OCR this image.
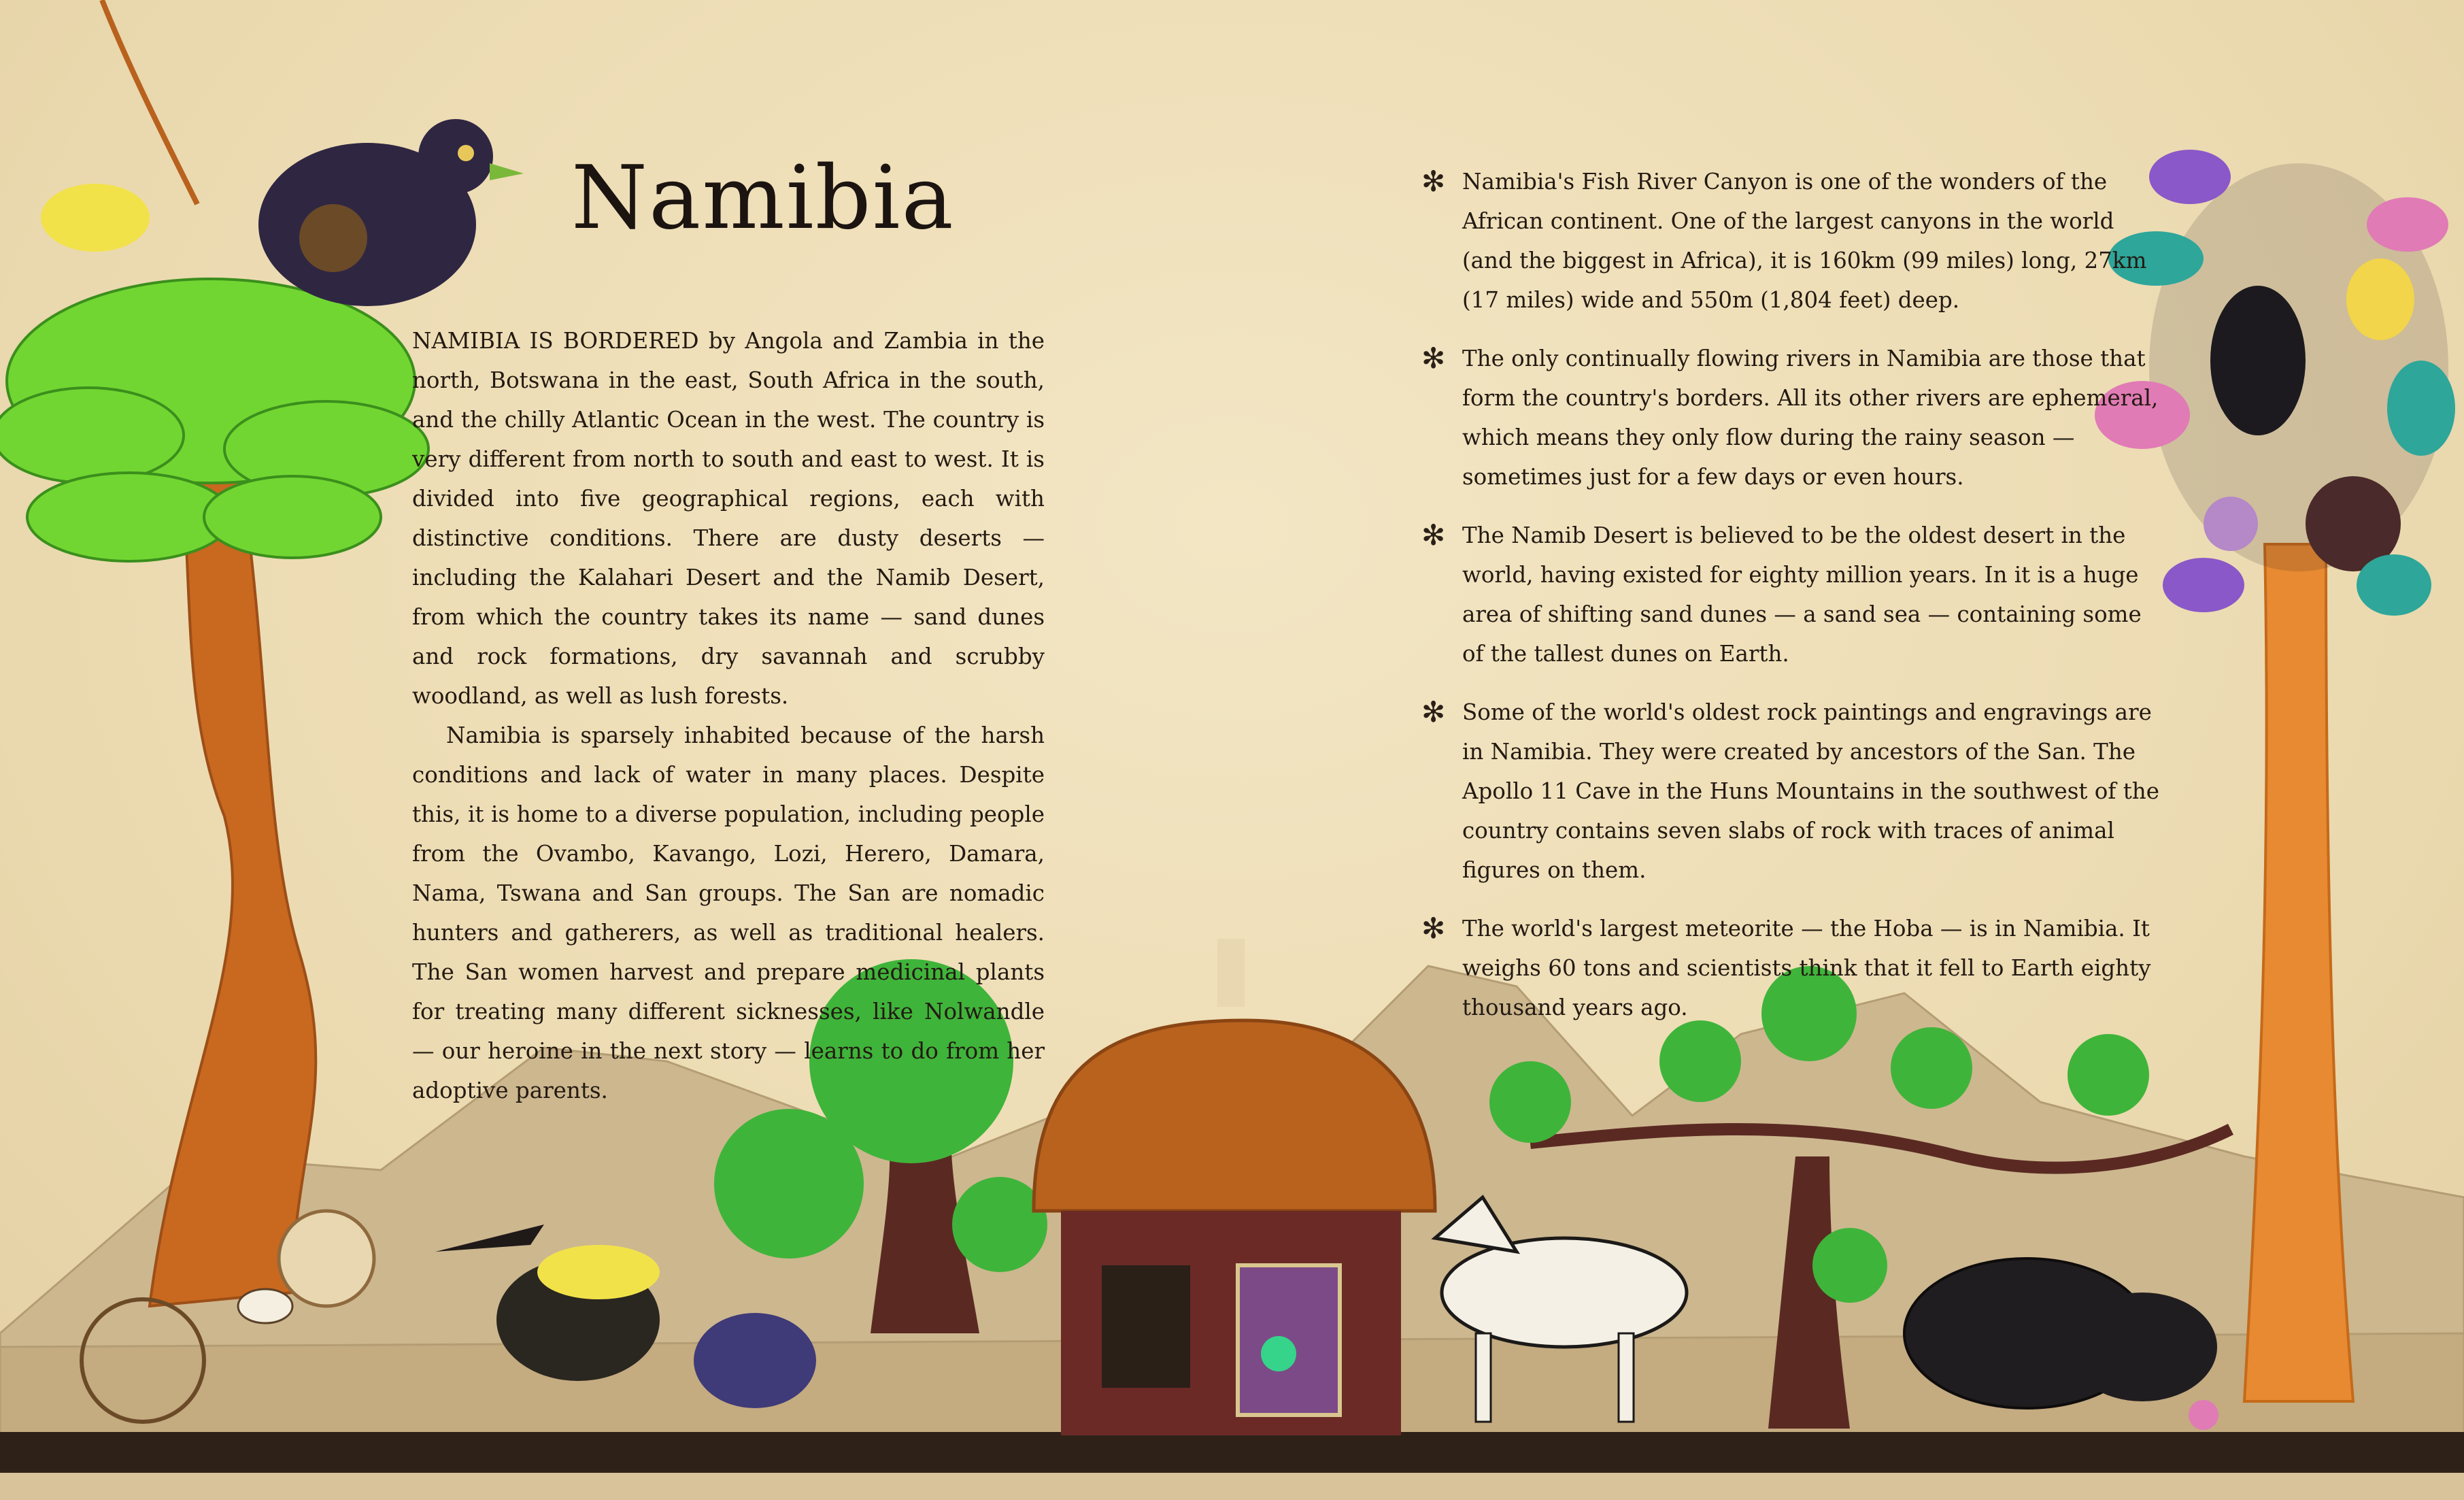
Namibia

NAMIBIA IS BORDERED by Angola and Zambia in the north, Botswana in the east, South Africa in the south, and the chilly Atlantic Ocean in the west. The country is very different from north to south and east to west. It is divided into five geographical regions, each with distinctive conditions. There are dusty deserts — including the Kalahari Desert and the Namib Desert, from which the country takes its name — sand dunes and rock formations, dry savannah and scrubby woodland, as well as lush forests.

Namibia is sparsely inhabited because of the harsh conditions and lack of water in many places. Despite this, it is home to a diverse population, including people from the Ovambo, Kavango, Lozi, Herero, Damara, Nama, Tswana and San groups. The San are nomadic hunters and gatherers, as well as traditional healers. The San women harvest and prepare medicinal plants for treating many different sicknesses, like Nolwandle — our heroine in the next story — learns to do from her adoptive parents.

✻ Namibia's Fish River Canyon is one of the wonders of the African continent. One of the largest canyons in the world (and the biggest in Africa), it is 160km (99 miles) long, 27km (17 miles) wide and 550m (1,804 feet) deep.
✻ The only continually flowing rivers in Namibia are those that form the country's borders. All its other rivers are ephemeral, which means they only flow during the rainy season — sometimes just for a few days or even hours.
✻ The Namib Desert is believed to be the oldest desert in the world, having existed for eighty million years. In it is a huge area of shifting sand dunes — a sand sea — containing some of the tallest dunes on Earth.
✻ Some of the world's oldest rock paintings and engravings are in Namibia. They were created by ancestors of the San. The Apollo 11 Cave in the Huns Mountains in the southwest of the country contains seven slabs of rock with traces of animal figures on them.
✻ The world's largest meteorite — the Hoba — is in Namibia. It weighs 60 tons and scientists think that it fell to Earth eighty thousand years ago.
